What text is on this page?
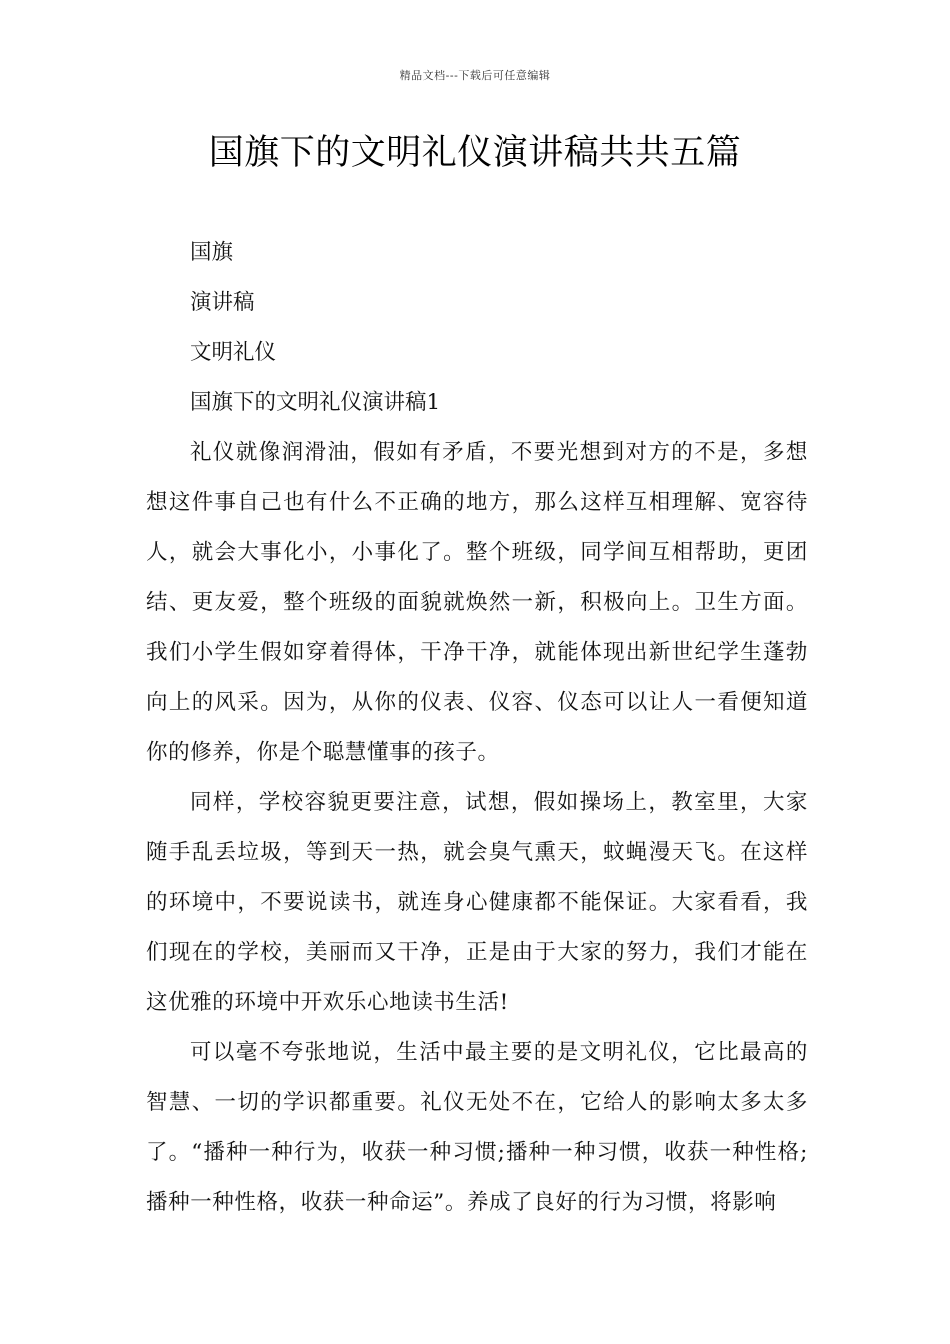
精品文档---下载后可任意编辑
国旗下的文明礼仪演讲稿共共五篇

国旗

演讲稿

文明礼仪

国旗下的文明礼仪演讲稿1

礼仪就像润滑油，假如有矛盾，不要光想到对方的不是，多想想这件事自己也有什么不正确的地方，那么这样互相理解、宽容待人，就会大事化小，小事化了。整个班级，同学间互相帮助，更团结、更友爱，整个班级的面貌就焕然一新，积极向上。卫生方面。我们小学生假如穿着得体，干净干净，就能体现出新世纪学生蓬勃向上的风采。因为，从你的仪表、仪容、仪态可以让人一看便知道你的修养，你是个聪慧懂事的孩子。

同样，学校容貌更要注意，试想，假如操场上，教室里，大家随手乱丢垃圾，等到天一热，就会臭气熏天，蚊蝇漫天飞。在这样的环境中，不要说读书，就连身心健康都不能保证。大家看看，我们现在的学校，美丽而又干净，正是由于大家的努力，我们才能在这优雅的环境中开欢乐心地读书生活!

可以毫不夸张地说，生活中最主要的是文明礼仪，它比最高的智慧、一切的学识都重要。礼仪无处不在，它给人的影响太多太多了。“播种一种行为，收获一种习惯;播种一种习惯，收获一种性格;播种一种性格，收获一种命运”。养成了良好的行为习惯，将影响
